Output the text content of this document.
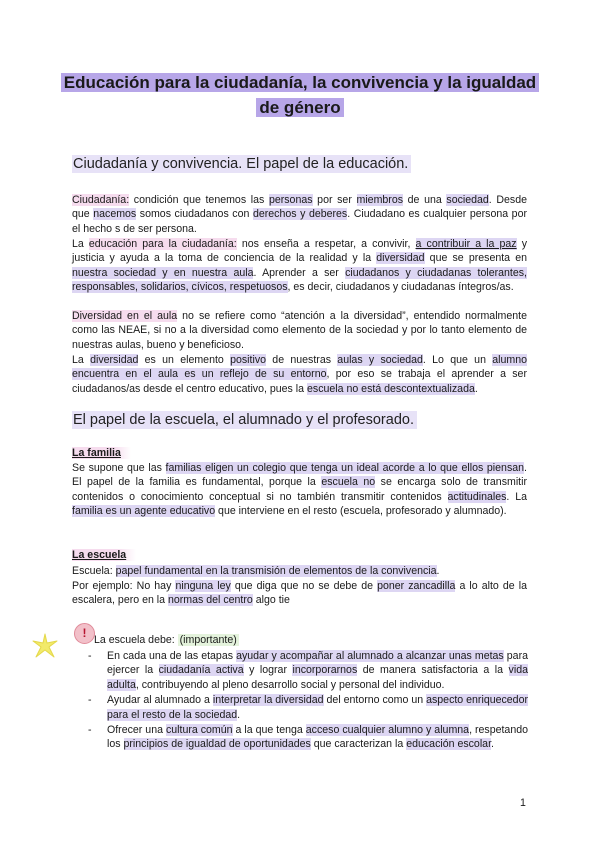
Educación para la ciudadanía, la convivencia y la igualdad de género
Ciudadanía y convivencia. El papel de la educación.

Ciudadanía: condición que tenemos las personas por ser miembros de una sociedad. Desde que nacemos somos ciudadanos con derechos y deberes. Ciudadano es cualquier persona por el hecho s de ser persona.

La educación para la ciudadanía: nos enseña a respetar, a convivir, a contribuir a la paz y justicia y ayuda a la toma de conciencia de la realidad y la diversidad que se presenta en nuestra sociedad y en nuestra aula. Aprender a ser ciudadanos y ciudadanas tolerantes, responsables, solidarios, cívicos, respetuosos, es decir, ciudadanos y ciudadanas íntegros/as.

Diversidad en el aula no se refiere como “atención a la diversidad”, entendido normalmente como las NEAE, si no a la diversidad como elemento de la sociedad y por lo tanto elemento de nuestras aulas, bueno y beneficioso.

La diversidad es un elemento positivo de nuestras aulas y sociedad. Lo que un alumno encuentra en el aula es un reflejo de su entorno, por eso se trabaja el aprender a ser ciudadanos/as desde el centro educativo, pues la escuela no está descontextualizada.

El papel de la escuela, el alumnado y el profesorado.
La familia

Se supone que las familias eligen un colegio que tenga un ideal acorde a lo que ellos piensan. El papel de la familia es fundamental, porque la escuela no se encarga solo de transmitir contenidos o conocimiento conceptual si no también transmitir contenidos actitudinales. La familia es un agente educativo que interviene en el resto (escuela, profesorado y alumnado).

La escuela

Escuela: papel fundamental en la transmisión de elementos de la convivencia.

Por ejemplo: No hay ninguna ley que diga que no se debe de poner zancadilla a lo alto de la escalera, pero en la normas del centro algo tie

! La escuela debe: (importante)
- En cada una de las etapas ayudar y acompañar al alumnado a alcanzar unas metas para ejercer la ciudadanía activa y lograr incorporarnos de manera satisfactoria a la vida adulta, contribuyendo al pleno desarrollo social y personal del individuo.
- Ayudar al alumnado a interpretar la diversidad del entorno como un aspecto enriquecedor para el resto de la sociedad.
- Ofrecer una cultura común a la que tenga acceso cualquier alumno y alumna, respetando los principios de igualdad de oportunidades que caracterizan la educación escolar.
1
